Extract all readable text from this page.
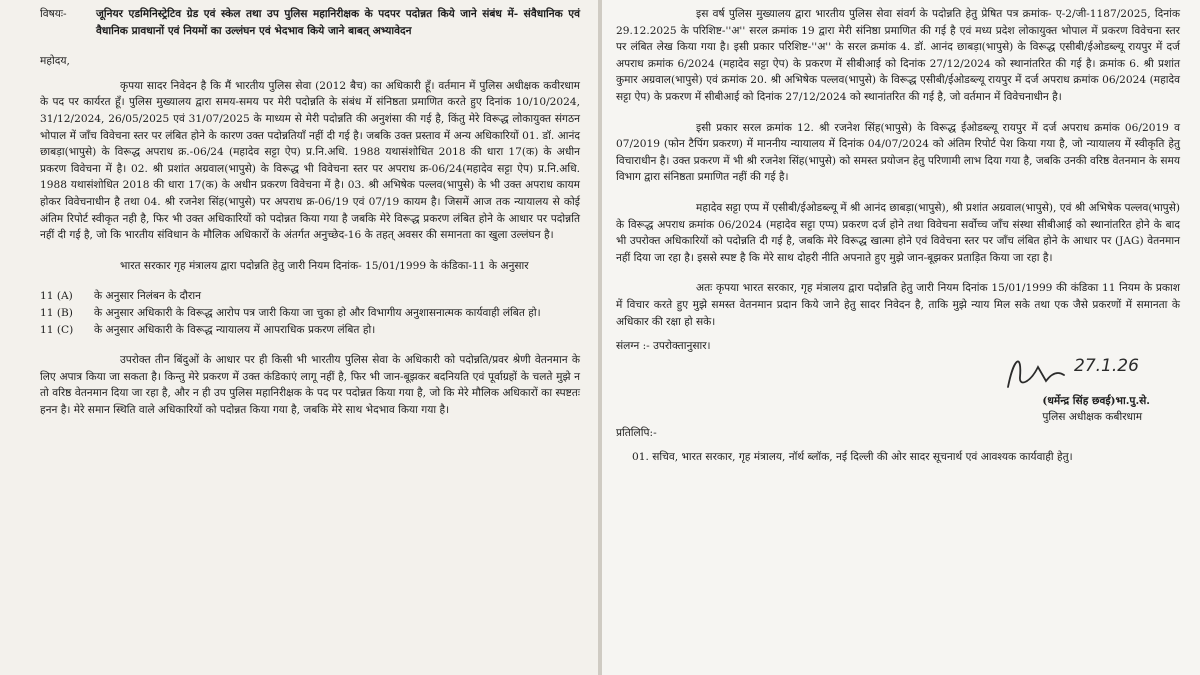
विषयः-	जूनियर एडमिनिस्ट्रेटिव ग्रेड एवं स्केल तथा उप पुलिस महानिरीक्षक के पदपर पदोन्नत किये जाने संबंध में- संवैधानिक एवं वैधानिक प्रावधानों एवं नियमों का उल्लंघन एवं भेदभाव किये जाने बाबत् अभ्यावेदन

महोदय,

कृपया सादर निवेदन है कि मैं भारतीय पुलिस सेवा (2012 बैच) का अधिकारी हूँ। वर्तमान में पुलिस अधीक्षक कवीरधाम के पद पर कार्यरत हूँ। पुलिस मुख्यालय द्वारा समय-समय पर मेरी पदोन्नति के संबंध में संनिष्ठता प्रमाणित करते हुए दिनांक 10/10/2024, 31/12/2024, 26/05/2025 एवं 31/07/2025 के माध्यम से मेरी पदोन्नति की अनुशंसा की गई है, किंतु मेरे विरूद्ध लोकायुक्त संगठन भोपाल में जाँच विवेचना स्तर पर लंबित होने के कारण उक्त पदोन्नतियाँ नहीं दी गई है। जबकि उक्त प्रस्ताव में अन्य अधिकारियों 01. डॉ. आनंद छाबड़ा(भापुसे) के विरूद्ध अपराध क्र.-06/24 (महादेव सट्टा ऐप) प्र.नि.अधि. 1988 यथासंशोधित 2018 की धारा 17(क) के अधीन प्रकरण विवेचना में है। 02. श्री प्रशांत अग्रवाल(भापुसे) के विरूद्ध भी विवेचना स्तर पर अपराध क्र-06/24(महादेव सट्टा ऐप) प्र.नि.अधि. 1988 यथासंशोधित 2018 की धारा 17(क) के अधीन प्रकरण विवेचना में है। 03. श्री अभिषेक पल्लव(भापुसे) के भी उक्त अपराध कायम होकर विवेचनाधीन है तथा 04. श्री रजनेश सिंह(भापुसे) पर अपराध क्र-06/19 एवं 07/19 कायम है। जिसमें आज तक न्यायालय से कोई अंतिम रिपोर्ट स्वीकृत नही है, फिर भी उक्त अधिकारियों को पदोन्नत किया गया है जबकि मेरे विरूद्ध प्रकरण लंबित होने के आधार पर पदोन्नति नहीं दी गई है, जो कि भारतीय संविधान के मौलिक अधिकारों के अंतर्गत अनुच्छेद-16 के तहत् अवसर की समानता का खुला उल्लंघन है।

भारत सरकार गृह मंत्रालय द्वारा पदोन्नति हेतु जारी नियम दिनांक- 15/01/1999 के कंडिका-11 के अनुसार

11 (A)	के अनुसार निलंबन के दौरान

11 (B)	के अनुसार अधिकारी के विरूद्ध आरोप पत्र जारी किया जा चुका हो और विभागीय अनुशासनात्मक कार्यवाही लंबित हो।

11 (C)	के अनुसार अधिकारी के विरूद्ध न्यायालय में आपराधिक प्रकरण लंबित हो।

उपरोक्त तीन बिंदुओं के आधार पर ही किसी भी भारतीय पुलिस सेवा के अधिकारी को पदोन्नति/प्रवर श्रेणी वेतनमान के लिए अपात्र किया जा सकता है। किन्तु मेरे प्रकरण में उक्त कंडिकाएं लागू नहीं है, फिर भी जान-बूझकर बदनियति एवं पूर्वाग्रहों के चलते मुझे न तो वरिष्ठ वेतनमान दिया जा रहा है, और न ही उप पुलिस महानिरीक्षक के पद पर पदोन्नत किया गया है, जो कि मेरे मौलिक अधिकारों का स्पष्टतः हनन है। मेरे समान स्थिति वाले अधिकारियों को पदोन्नत किया गया है, जबकि मेरे साथ भेदभाव किया गया है।

इस वर्ष पुलिस मुख्यालय द्वारा भारतीय पुलिस सेवा संवर्ग के पदोन्नति हेतु प्रेषित पत्र क्रमांक- ए-2/जी-1187/2025, दिनांक 29.12.2025 के परिशिष्ट-''अ'' सरल क्रमांक 19 द्वारा मेरी संनिष्ठा प्रमाणित की गई है एवं मध्य प्रदेश लोकायुक्त भोपाल में प्रकरण विवेचना स्तर पर लंबित लेख किया गया है। इसी प्रकार परिशिष्ट-''अ'' के सरल क्रमांक 4. डॉ. आनंद छाबड़ा(भापुसे) के विरूद्ध एसीबी/ईओडब्ल्यू रायपुर में दर्ज अपराध क्रमांक 6/2024 (महादेव सट्टा ऐप) के प्रकरण में सीबीआई को दिनांक 27/12/2024 को स्थानांतरित की गई है। क्रमांक 6. श्री प्रशांत कुमार अग्रवाल(भापुसे) एवं क्रमांक 20. श्री अभिषेक पल्लव(भापुसे) के विरूद्ध एसीबी/ईओडब्ल्यू रायपुर में दर्ज अपराध क्रमांक 06/2024 (महादेव सट्टा ऐप) के प्रकरण में सीबीआई को दिनांक 27/12/2024 को स्थानांतरित की गई है, जो वर्तमान में विवेचनाधीन है।

इसी प्रकार सरल क्रमांक 12. श्री रजनेश सिंह(भापुसे) के विरूद्ध ईओडब्ल्यू रायपुर में दर्ज अपराध क्रमांक 06/2019 व 07/2019 (फोन टैपिंग प्रकरण) में माननीय न्यायालय में दिनांक 04/07/2024 को अंतिम रिपोर्ट पेश किया गया है, जो न्यायालय में स्वीकृति हेतु विचाराधीन है। उक्त प्रकरण में भी श्री रजनेश सिंह(भापुसे) को समस्त प्रयोजन हेतु परिणामी लाभ दिया गया है, जबकि उनकी वरिष्ठ वेतनमान के समय विभाग द्वारा संनिष्ठता प्रमाणित नहीं की गई है।

महादेव सट्टा एप्प में एसीबी/ईओडब्ल्यू में श्री आनंद छाबड़ा(भापुसे), श्री प्रशांत अग्रवाल(भापुसे), एवं श्री अभिषेक पल्लव(भापुसे) के विरूद्ध अपराध क्रमांक 06/2024 (महादेव सट्टा एप्प) प्रकरण दर्ज होने तथा विवेचना सर्वोच्च जाँच संस्था सीबीआई को स्थानांतरित होने के बाद भी उपरोक्त अधिकारियों को पदोन्नति दी गई है, जबकि मेरे विरूद्ध खात्मा होने एवं विवेचना स्तर पर जाँच लंबित होने के आधार पर (JAG) वेतनमान नहीं दिया जा रहा है। इससे स्पष्ट है कि मेरे साथ दोहरी नीति अपनाते हुए मुझे जान-बूझकर प्रताड़ित किया जा रहा है।

अतः कृपया भारत सरकार, गृह मंत्रालय द्वारा पदोन्नति हेतु जारी नियम दिनांक 15/01/1999 की कंडिका 11 नियम के प्रकाश में विचार करते हुए मुझे समस्त वेतनमान प्रदान किये जाने हेतु सादर निवेदन है, ताकि मुझे न्याय मिल सके तथा एक जैसे प्रकरणों में समानता के अधिकार की रक्षा हो सके।

संलग्न :- उपरोक्तानुसार।

27.1.26

(धर्मेन्द्र सिंह छवई)भा.पु.से.

पुलिस अधीक्षक कबीरधाम

प्रतिलिपि:-

01. सचिव, भारत सरकार, गृह मंत्रालय, नॉर्थ ब्लॉक, नई दिल्ली की ओर सादर सूचनार्थ एवं आवश्यक कार्यवाही हेतु।
